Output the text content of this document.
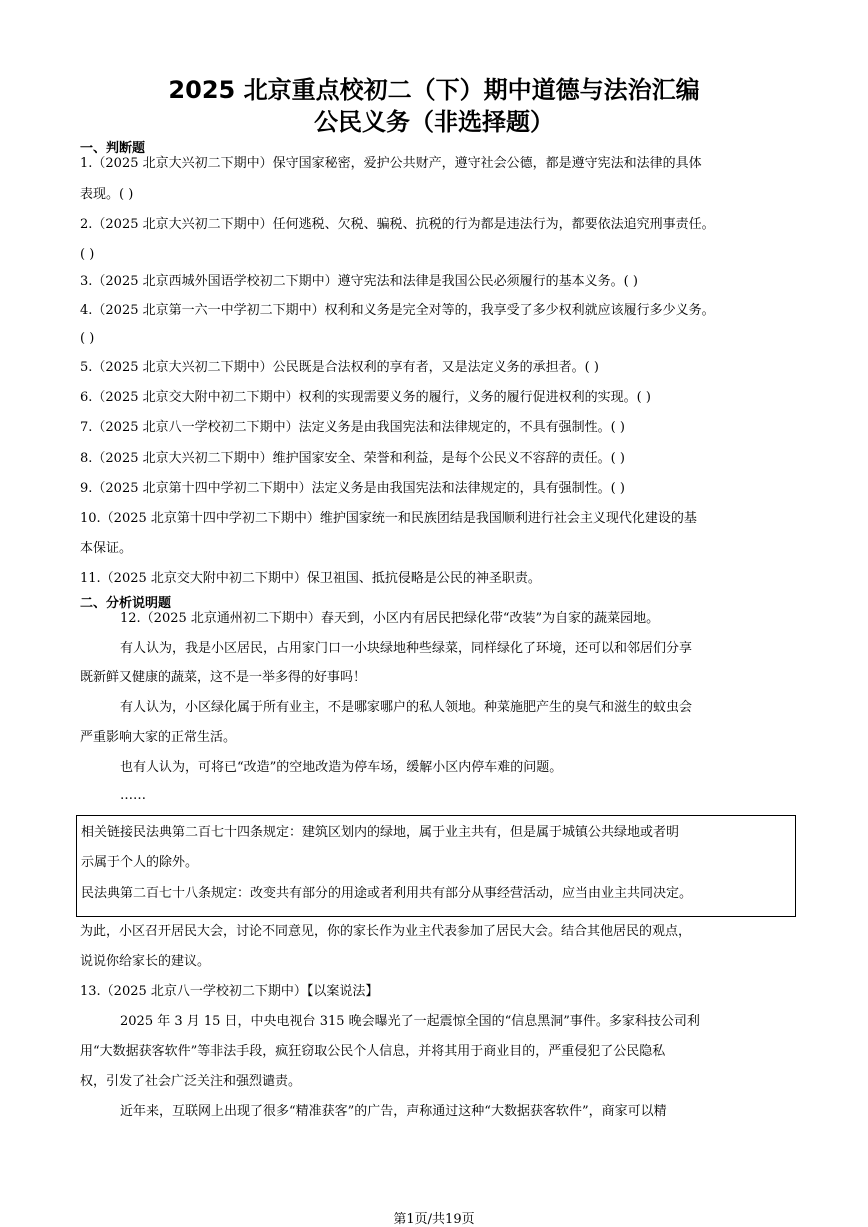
2025 北京重点校初二（下）期中道德与法治汇编
公民义务（非选择题）
一、判断题
1.（2025 北京大兴初二下期中）保守国家秘密，爱护公共财产，遵守社会公德，都是遵守宪法和法律的具体
表现。( )
2.（2025 北京大兴初二下期中）任何逃税、欠税、骗税、抗税的行为都是违法行为，都要依法追究刑事责任。
( )
3.（2025 北京西城外国语学校初二下期中）遵守宪法和法律是我国公民必须履行的基本义务。( )
4.（2025 北京第一六一中学初二下期中）权利和义务是完全对等的，我享受了多少权利就应该履行多少义务。
( )
5.（2025 北京大兴初二下期中）公民既是合法权利的享有者，又是法定义务的承担者。( )
6.（2025 北京交大附中初二下期中）权利的实现需要义务的履行，义务的履行促进权利的实现。( )
7.（2025 北京八一学校初二下期中）法定义务是由我国宪法和法律规定的，不具有强制性。( )
8.（2025 北京大兴初二下期中）维护国家安全、荣誉和利益，是每个公民义不容辞的责任。( )
9.（2025 北京第十四中学初二下期中）法定义务是由我国宪法和法律规定的，具有强制性。( )
10.（2025 北京第十四中学初二下期中）维护国家统一和民族团结是我国顺利进行社会主义现代化建设的基
本保证。
11.（2025 北京交大附中初二下期中）保卫祖国、抵抗侵略是公民的神圣职责。
二、分析说明题
12.（2025 北京通州初二下期中）春天到，小区内有居民把绿化带“改装”为自家的蔬菜园地。
有人认为，我是小区居民，占用家门口一小块绿地种些绿菜，同样绿化了环境，还可以和邻居们分享
既新鲜又健康的蔬菜，这不是一举多得的好事吗！
有人认为，小区绿化属于所有业主，不是哪家哪户的私人领地。种菜施肥产生的臭气和滋生的蚊虫会
严重影响大家的正常生活。
也有人认为，可将已“改造”的空地改造为停车场，缓解小区内停车难的问题。
……
相关链接民法典第二百七十四条规定：建筑区划内的绿地，属于业主共有，但是属于城镇公共绿地或者明
示属于个人的除外。
民法典第二百七十八条规定：改变共有部分的用途或者利用共有部分从事经营活动，应当由业主共同决定。
为此，小区召开居民大会，讨论不同意见，你的家长作为业主代表参加了居民大会。结合其他居民的观点，
说说你给家长的建议。
13.（2025 北京八一学校初二下期中）【以案说法】
2025 年 3 月 15 日，中央电视台 315 晚会曝光了一起震惊全国的“信息黑洞”事件。多家科技公司利
用“大数据获客软件”等非法手段，疯狂窃取公民个人信息，并将其用于商业目的，严重侵犯了公民隐私
权，引发了社会广泛关注和强烈谴责。
近年来，互联网上出现了很多“精准获客”的广告，声称通过这种“大数据获客软件”，商家可以精
第1页/共19页
